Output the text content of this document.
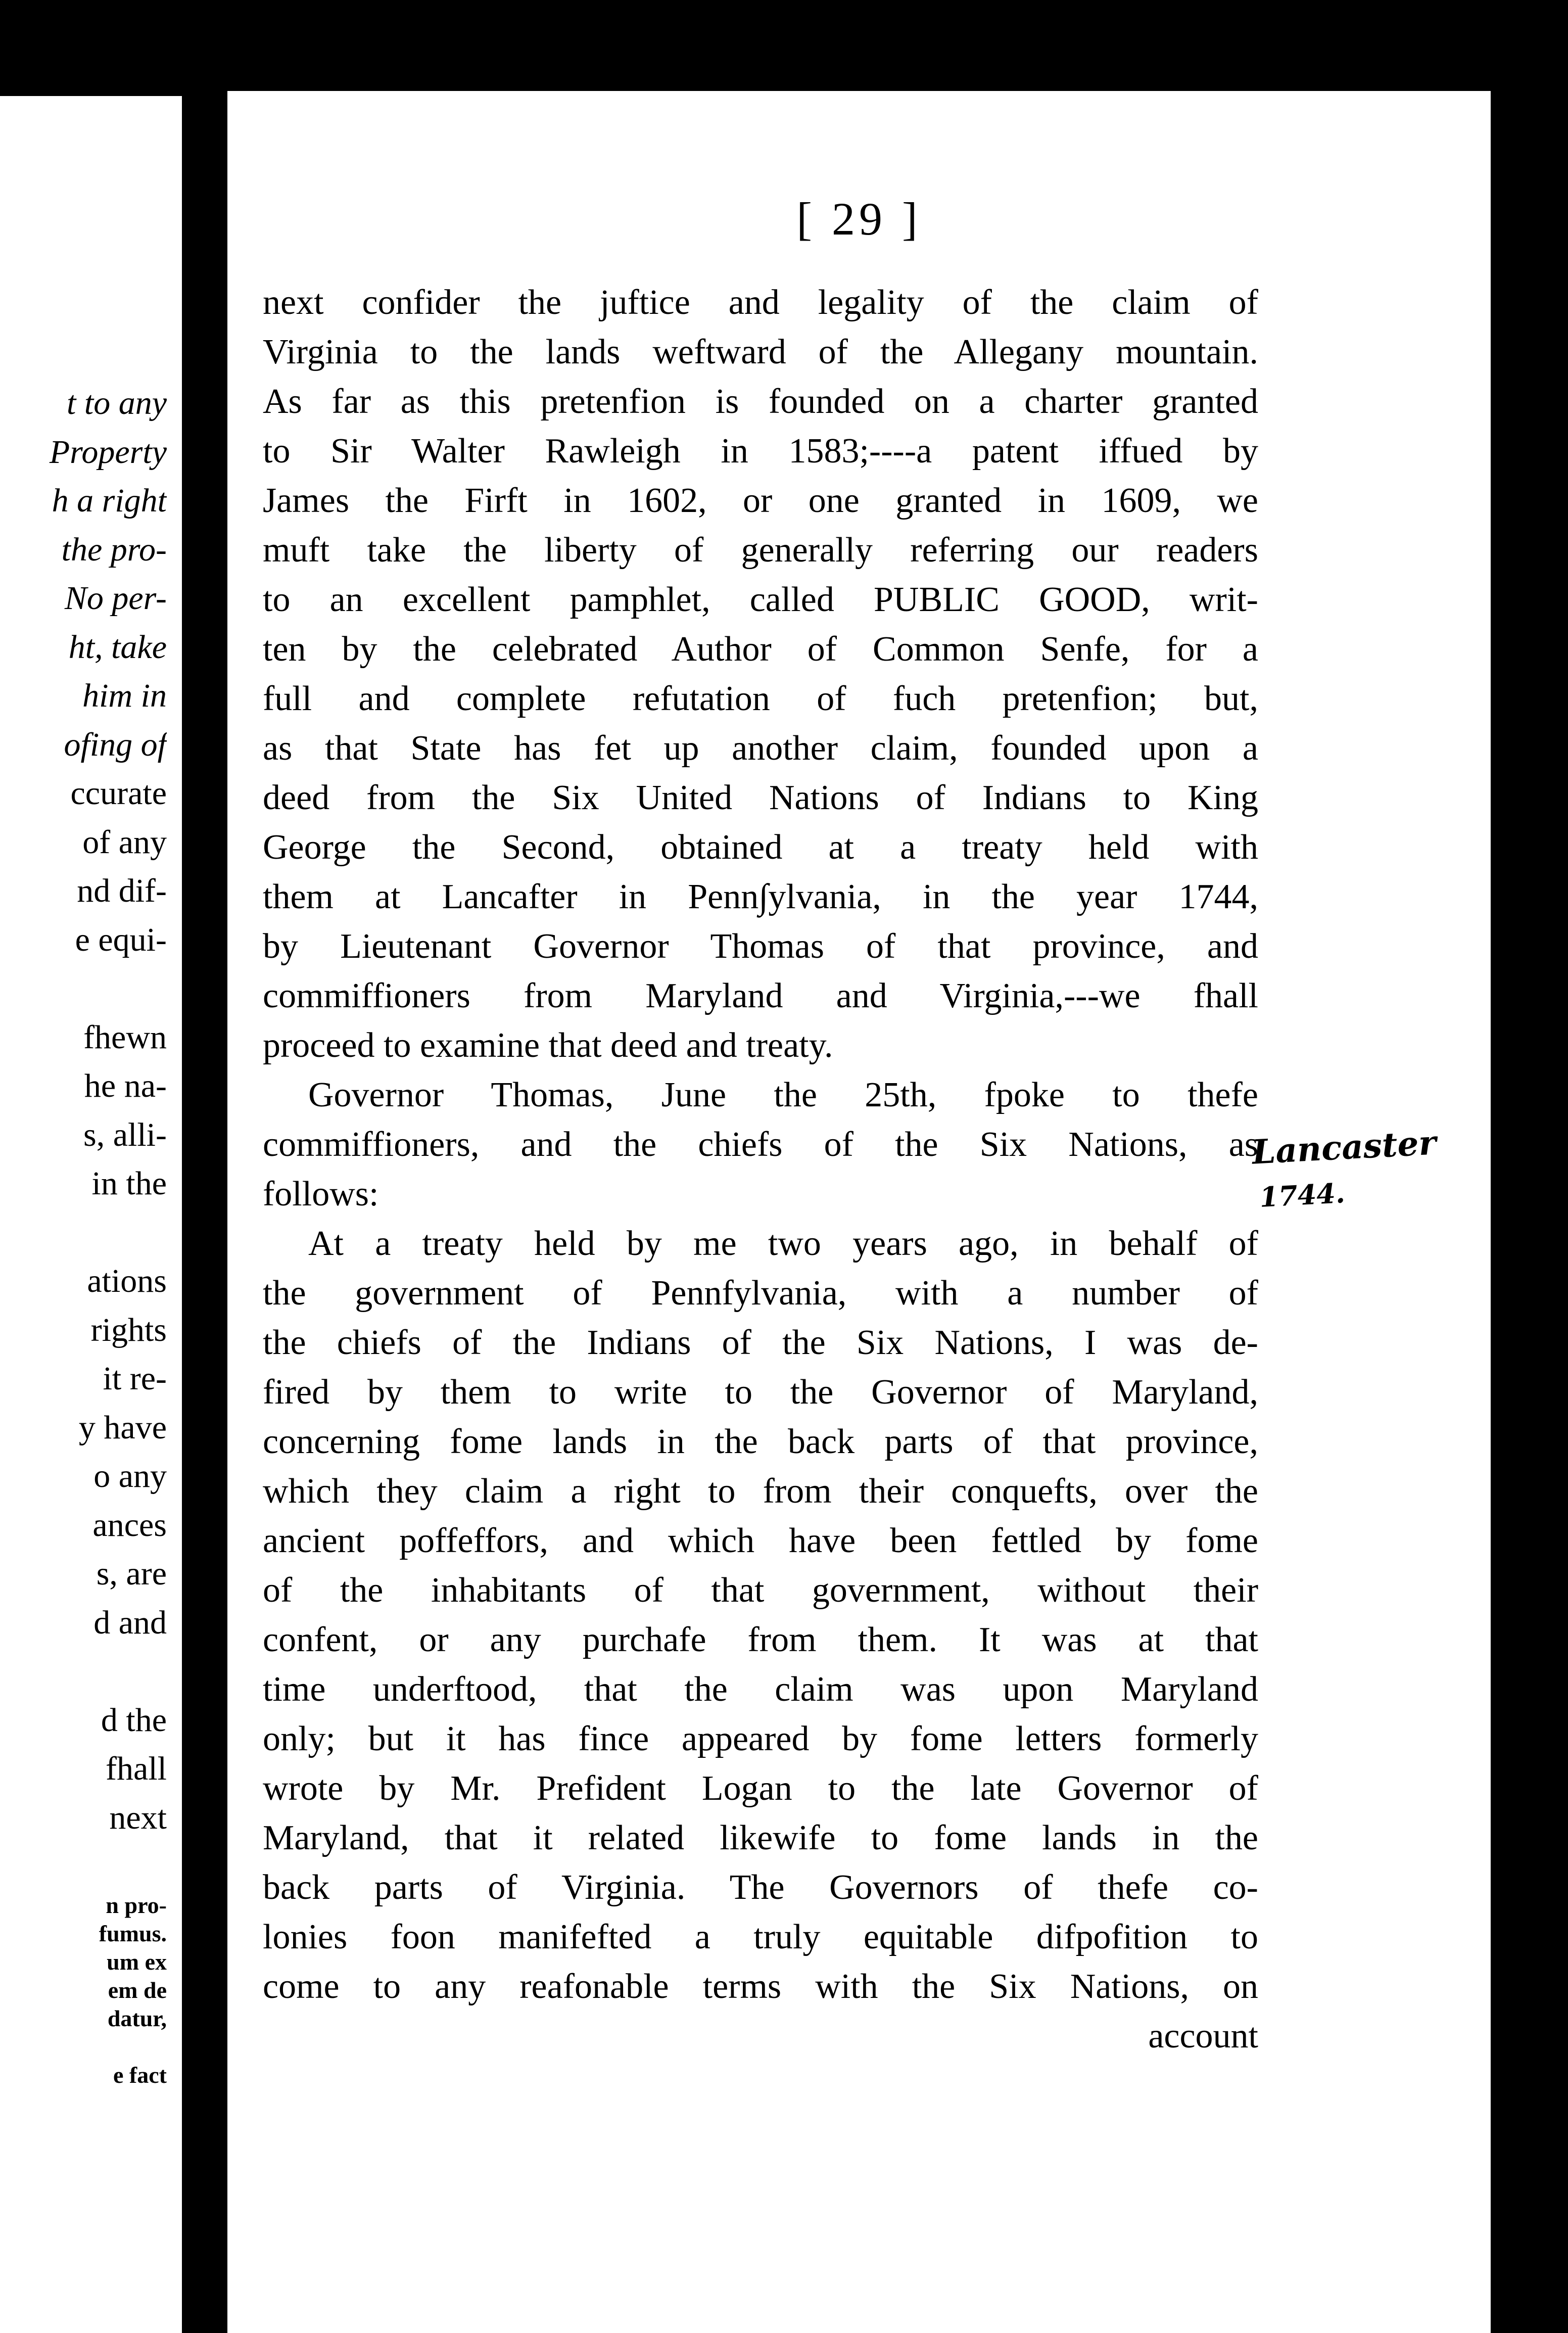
t to any
Property
h a right
the pro-
No per-
ht, take
him in
ofing of
ccurate
of any
nd dif-
e equi-
fhewn
he na-
s, alli-
in the
ations
rights
it re-
y have
o any
ances
s, are
d and
d the
fhall
next
n pro-
fumus.
um ex
em de
datur,
e fact
[ 29 ]
next confider the juftice and legality of the claim of
Virginia to the lands weftward of the Allegany mountain.
As far as this pretenfion is founded on a charter granted
to Sir Walter Rawleigh in 1583;----a patent iffued by
James the Firft in 1602, or one granted in 1609, we
muft take the liberty of generally referring our readers
to an excellent pamphlet, called PUBLIC GOOD, writ-
ten by the celebrated Author of Common Senfe, for a
full and complete refutation of fuch pretenfion; but,
as that State has fet up another claim, founded upon a
deed from the Six United Nations of Indians to King
George the Second, obtained at a treaty held with
them at Lancafter in Penn∫ylvania, in the year 1744,
by Lieutenant Governor Thomas of that province, and
commiffioners from Maryland and Virginia,---we fhall
proceed to examine that deed and treaty.
Governor Thomas, June the 25th, fpoke to thefe
commiffioners, and the chiefs of the Six Nations, as
follows:
At a treaty held by me two years ago, in behalf of
the government of Pennfylvania, with a number of
the chiefs of the Indians of the Six Nations, I was de-
fired by them to write to the Governor of Maryland,
concerning fome lands in the back parts of that province,
which they claim a right to from their conquefts, over the
ancient poffeffors, and which have been fettled by fome
of the inhabitants of that government, without their
confent, or any purchafe from them. It was at that
time underftood, that the claim was upon Maryland
only; but it has fince appeared by fome letters formerly
wrote by Mr. Prefident Logan to the late Governor of
Maryland, that it related likewife to fome lands in the
back parts of Virginia. The Governors of thefe co-
lonies foon manifefted a truly equitable difpofition to
come to any reafonable terms with the Six Nations, on
account
Lancaster
1744.
